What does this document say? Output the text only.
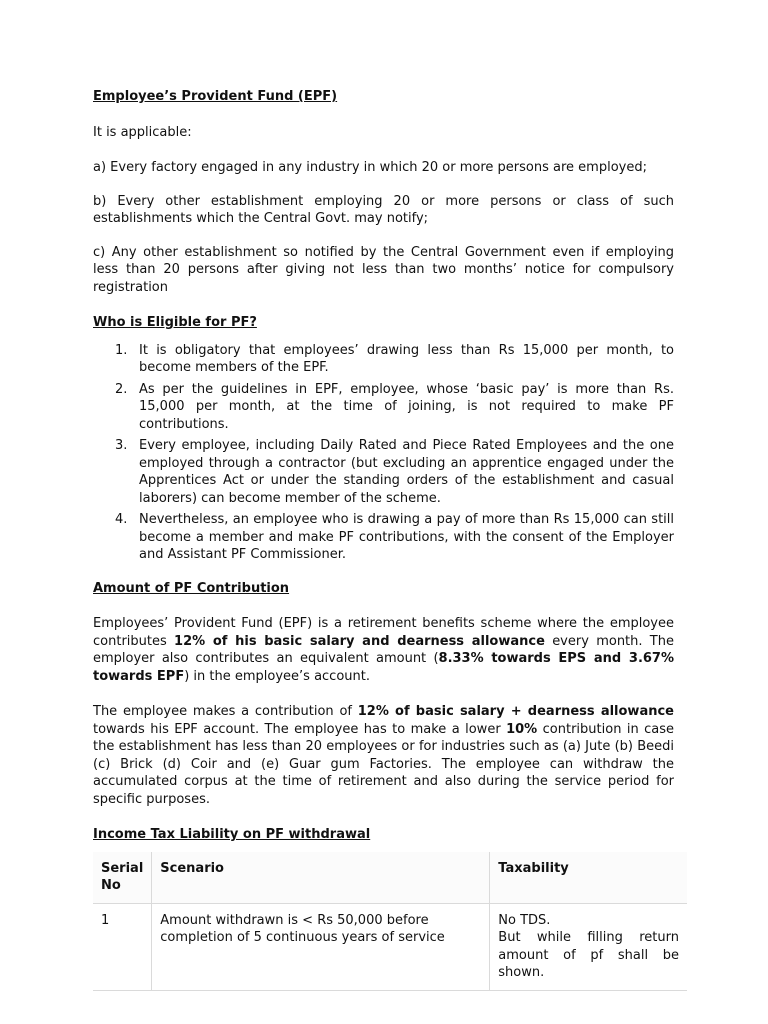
Employee’s Provident Fund (EPF)

It is applicable:

a) Every factory engaged in any industry in which 20 or more persons are employed;

b) Every other establishment employing 20 or more persons or class of such establishments which the Central Govt. may notify;

c) Any other establishment so notified by the Central Government even if employing less than 20 persons after giving not less than two months’ notice for compulsory registration

Who is Eligible for PF?

1. It is obligatory that employees’ drawing less than Rs 15,000 per month, to become members of the EPF.
2. As per the guidelines in EPF, employee, whose ‘basic pay’ is more than Rs. 15,000 per month, at the time of joining, is not required to make PF contributions.
3. Every employee, including Daily Rated and Piece Rated Employees and the one employed through a contractor (but excluding an apprentice engaged under the Apprentices Act or under the standing orders of the establishment and casual laborers) can become member of the scheme.
4. Nevertheless, an employee who is drawing a pay of more than Rs 15,000 can still become a member and make PF contributions, with the consent of the Employer and Assistant PF Commissioner.

Amount of PF Contribution

Employees’ Provident Fund (EPF) is a retirement benefits scheme where the employee contributes 12% of his basic salary and dearness allowance every month. The employer also contributes an equivalent amount (8.33% towards EPS and 3.67% towards EPF) in the employee’s account.

The employee makes a contribution of 12% of basic salary + dearness allowance towards his EPF account. The employee has to make a lower 10% contribution in case the establishment has less than 20 employees or for industries such as (a) Jute (b) Beedi (c) Brick (d) Coir and (e) Guar gum Factories. The employee can withdraw the accumulated corpus at the time of retirement and also during the service period for specific purposes.

Income Tax Liability on PF withdrawal

Serial No	Scenario	Taxability
1	Amount withdrawn is < Rs 50,000 before completion of 5 continuous years of service	No TDS.
But while filling return amount of pf shall be shown.
